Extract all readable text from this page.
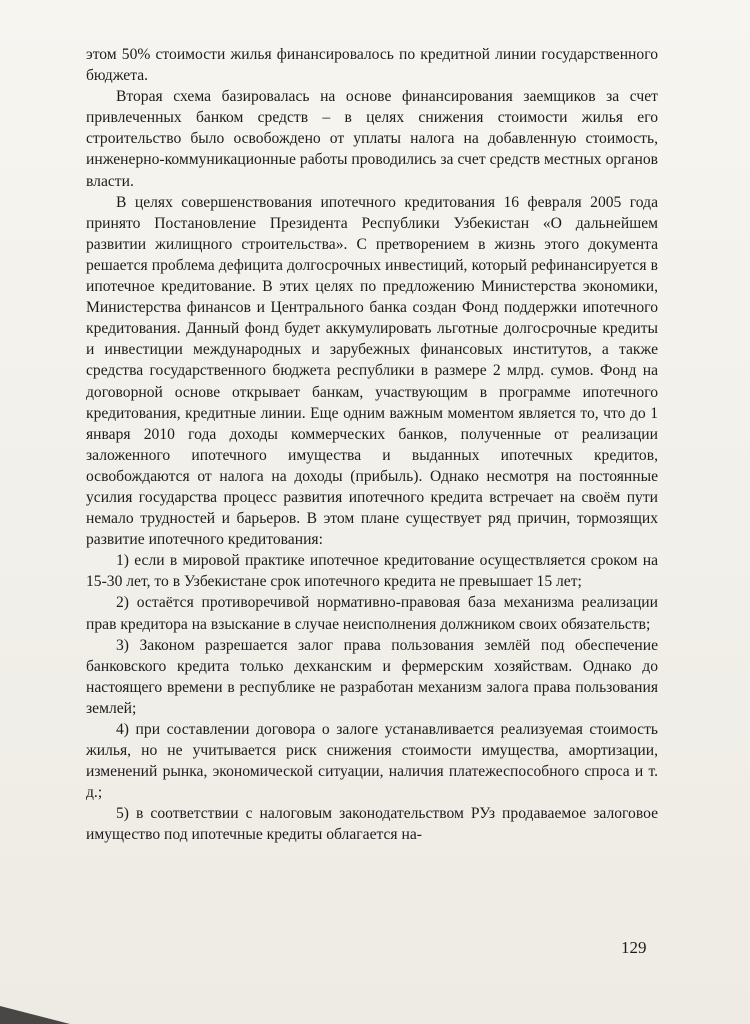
этом 50% стоимости жилья финансировалось по кредитной линии государственного бюджета.

Вторая схема базировалась на основе финансирования заемщиков за счет привлеченных банком средств – в целях снижения стоимости жилья его строительство было освобождено от уплаты налога на добавленную стоимость, инженерно-коммуникационные работы проводились за счет средств местных органов власти.

В целях совершенствования ипотечного кредитования 16 февраля 2005 года принято Постановление Президента Республики Узбекистан «О дальнейшем развитии жилищного строительства». С претворением в жизнь этого документа решается проблема дефицита долгосрочных инвестиций, который рефинансируется в ипотечное кредитование. В этих целях по предложению Министерства экономики, Министерства финансов и Центрального банка создан Фонд поддержки ипотечного кредитования. Данный фонд будет аккумулировать льготные долгосрочные кредиты и инвестиции международных и зарубежных финансовых институтов, а также средства государственного бюджета республики в размере 2 млрд. сумов. Фонд на договорной основе открывает банкам, участвующим в программе ипотечного кредитования, кредитные линии. Еще одним важным моментом является то, что до 1 января 2010 года доходы коммерческих банков, полученные от реализации заложенного ипотечного имущества и выданных ипотечных кредитов, освобождаются от налога на доходы (прибыль). Однако несмотря на постоянные усилия государства процесс развития ипотечного кредита встречает на своём пути немало трудностей и барьеров. В этом плане существует ряд причин, тормозящих развитие ипотечного кредитования:

1) если в мировой практике ипотечное кредитование осуществляется сроком на 15-30 лет, то в Узбекистане срок ипотечного кредита не превышает 15 лет;

2) остаётся противоречивой нормативно-правовая база механизма реализации прав кредитора на взыскание в случае неисполнения должником своих обязательств;

3) Законом разрешается залог права пользования землёй под обеспечение банковского кредита только дехканским и фермерским хозяйствам. Однако до настоящего времени в республике не разработан механизм залога права пользования землей;

4) при составлении договора о залоге устанавливается реализуемая стоимость жилья, но не учитывается риск снижения стоимости имущества, амортизации, изменений рынка, экономической ситуации, наличия платежеспособного спроса и т. д.;

5) в соответствии с налоговым законодательством РУз продаваемое залоговое имущество под ипотечные кредиты облагается на-

129
